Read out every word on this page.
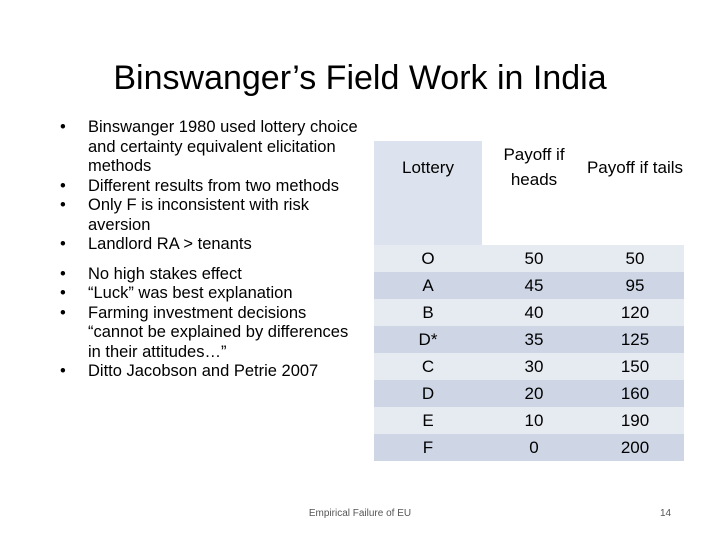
Binswanger’s Field Work in India
• Binswanger 1980 used lottery choice and certainty equivalent elicitation methods
• Different results from two methods
• Only F is inconsistent with risk aversion
• Landlord RA > tenants
• No high stakes effect
• “Luck” was best explanation
• Farming investment decisions “cannot be explained by differences in their attitudes…”
• Ditto Jacobson and Petrie 2007
Lottery	Payoff if heads	Payoff if tails

O	50	50
A	45	95
B	40	120
D*	35	125
C	30	150
D	20	160
E	10	190
F	0	200
Empirical Failure of EU	14
